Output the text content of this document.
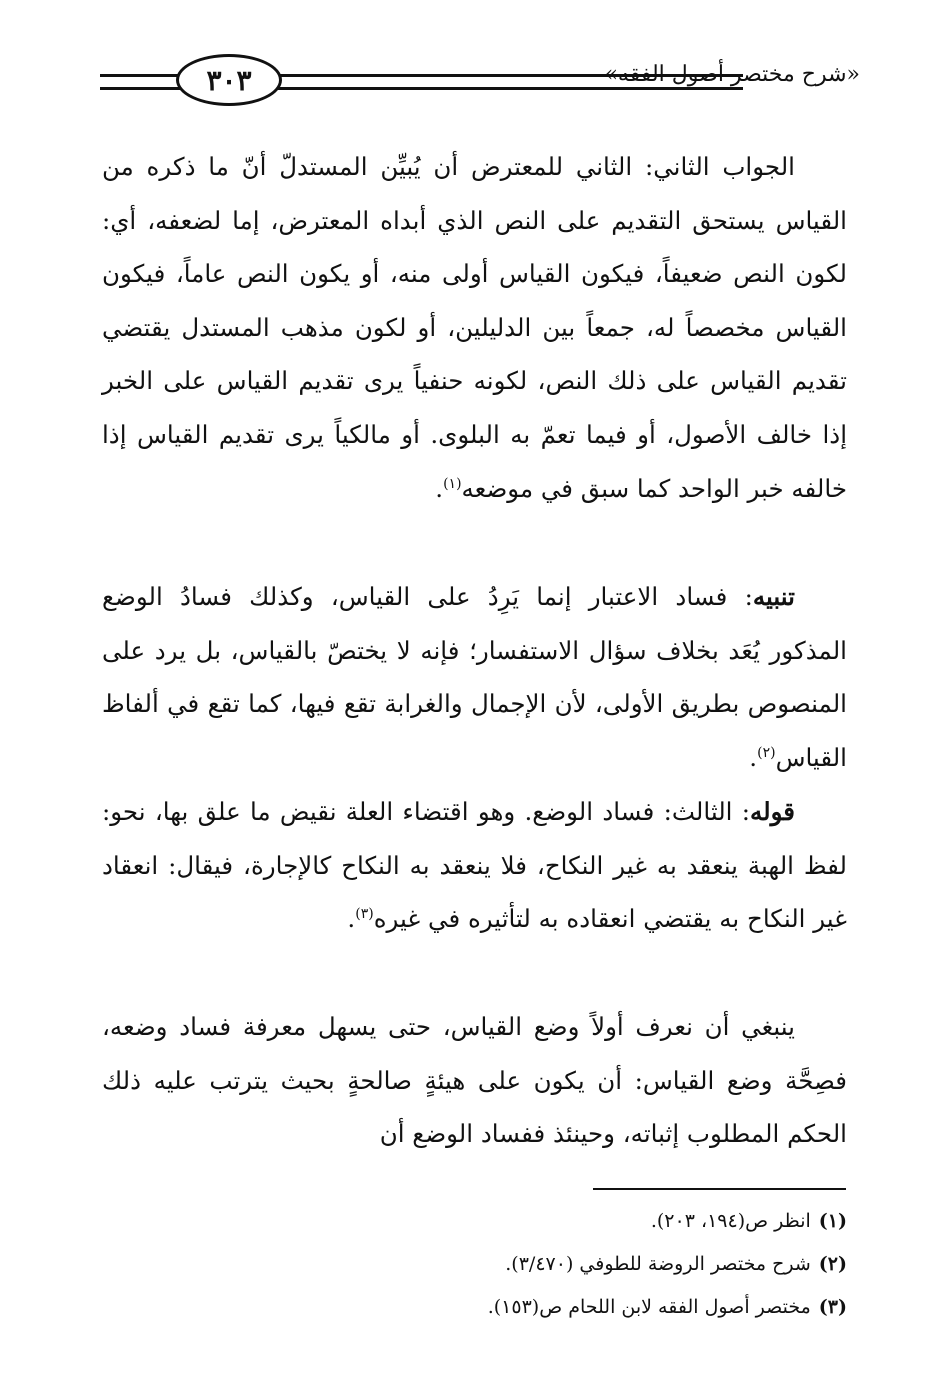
٣٠٣	«شرح مختصر أصول الفقه»

الجواب الثاني: الثاني للمعترض أن يُبيِّن المستدلّ أنّ ما ذكره من القياس يستحق التقديم على النص الذي أبداه المعترض، إما لضعفه، أي: لكون النص ضعيفاً، فيكون القياس أولى منه، أو يكون النص عاماً، فيكون القياس مخصصاً له، جمعاً بين الدليلين، أو لكون مذهب المستدل يقتضي تقديم القياس على ذلك النص، لكونه حنفياً يرى تقديم القياس على الخبر إذا خالف الأصول، أو فيما تعمّ به البلوى. أو مالكياً يرى تقديم القياس إذا خالفه خبر الواحد كما سبق في موضعه$^{(١)}$.

تنبيه: فساد الاعتبار إنما يَرِدُ على القياس، وكذلك فسادُ الوضع المذكور يُعَد بخلاف سؤال الاستفسار؛ فإنه لا يختصّ بالقياس، بل يرد على المنصوص بطريق الأولى، لأن الإجمال والغرابة تقع فيها، كما تقع في ألفاظ القياس$^{(٢)}$.

قوله: الثالث: فساد الوضع. وهو اقتضاء العلة نقيض ما علق بها، نحو: لفظ الهبة ينعقد به غير النكاح، فلا ينعقد به النكاح كالإجارة، فيقال: انعقاد غير النكاح به يقتضي انعقاده به لتأثيره في غيره$^{(٣)}$.

ينبغي أن نعرف أولاً وضع القياس، حتى يسهل معرفة فساد وضعه، فصِحَّة وضع القياس: أن يكون على هيئةٍ صالحةٍ بحيث يترتب عليه ذلك الحكم المطلوب إثباته، وحينئذ ففساد الوضع أن

(١)انظر ص(١٩٤، ٢٠٣).

(٢)شرح مختصر الروضة للطوفي (٣/٤٧٠).

(٣)مختصر أصول الفقه لابن اللحام ص(١٥٣).
